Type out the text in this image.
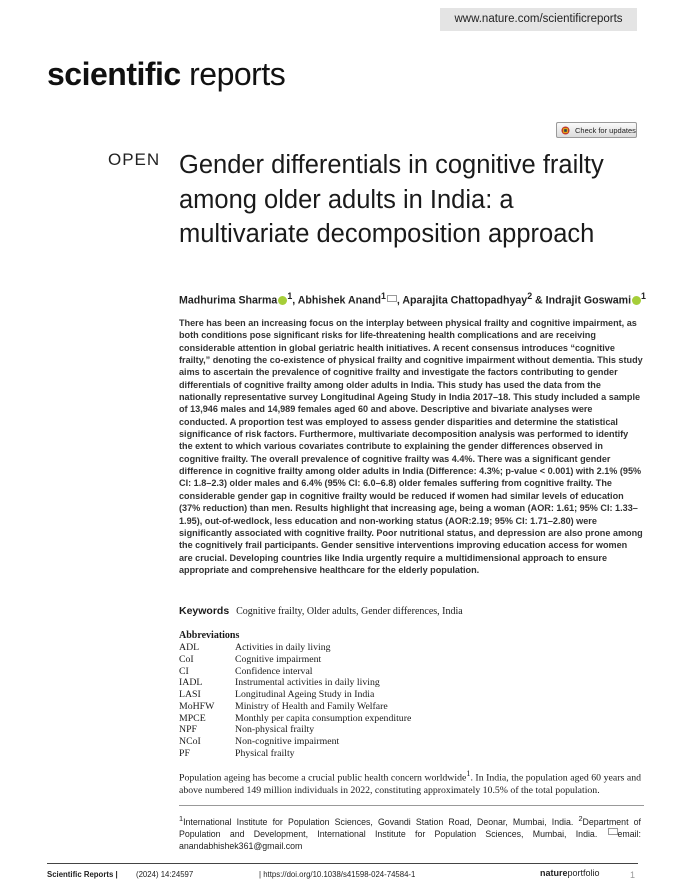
www.nature.com/scientificreports
scientific reports
Check for updates
OPEN Gender differentials in cognitive frailty among older adults in India: a multivariate decomposition approach
Madhurima Sharma $^1$, Abhishek Anand$^1$ , Aparajita Chattopadhyay$^2$ & Indrajit Goswami $^1$

There has been an increasing focus on the interplay between physical frailty and cognitive impairment, as both conditions pose significant risks for life-threatening health complications and are receiving considerable attention in global geriatric health initiatives. A recent consensus introduces “cognitive frailty,” denoting the co-existence of physical frailty and cognitive impairment without dementia. This study aims to ascertain the prevalence of cognitive frailty and investigate the factors contributing to gender differentials of cognitive frailty among older adults in India. This study has used the data from the nationally representative survey Longitudinal Ageing Study in India 2017–18. This study included a sample of 13,946 males and 14,989 females aged 60 and above. Descriptive and bivariate analyses were conducted. A proportion test was employed to assess gender disparities and determine the statistical significance of risk factors. Furthermore, multivariate decomposition analysis was performed to identify the extent to which various covariates contribute to explaining the gender differences observed in cognitive frailty. The overall prevalence of cognitive frailty was 4.4%. There was a significant gender difference in cognitive frailty among older adults in India (Difference: 4.3%; p-value < 0.001) with 2.1% (95% CI: 1.8–2.3) older males and 6.4% (95% CI: 6.0–6.8) older females suffering from cognitive frailty. The considerable gender gap in cognitive frailty would be reduced if women had similar levels of education (37% reduction) than men. Results highlight that increasing age, being a woman (AOR: 1.61; 95% CI: 1.33–1.95), out-of-wedlock, less education and non-working status (AOR:2.19; 95% CI: 1.71–2.80) were significantly associated with cognitive frailty. Poor nutritional status, and depression are also prone among the cognitively frail participants. Gender sensitive interventions improving education access for women are crucial. Developing countries like India urgently require a multidimensional approach to ensure appropriate and comprehensive healthcare for the elderly population.

Keywords Cognitive frailty, Older adults, Gender differences, India
Abbreviations
ADL	Activities in daily living
CoI	Cognitive impairment
CI	Confidence interval
IADL	Instrumental activities in daily living
LASI	Longitudinal Ageing Study in India
MoHFW	Ministry of Health and Family Welfare
MPCE	Monthly per capita consumption expenditure
NPF	Non-physical frailty
NCoI	Non-cognitive impairment
PF	Physical frailty

Population ageing has become a crucial public health concern worldwide$^1$. In India, the population aged 60 years and above numbered 149 million individuals in 2022, constituting approximately 10.5% of the total population.

$^1$International Institute for Population Sciences, Govandi Station Road, Deonar, Mumbai, India. $^2$Department of Population and Development, International Institute for Population Sciences, Mumbai, India. email: anandabhishek361@gmail.com

Scientific Reports | (2024) 14:24597	| https://doi.org/10.1038/s41598-024-74584-1	natureportfolio	1
